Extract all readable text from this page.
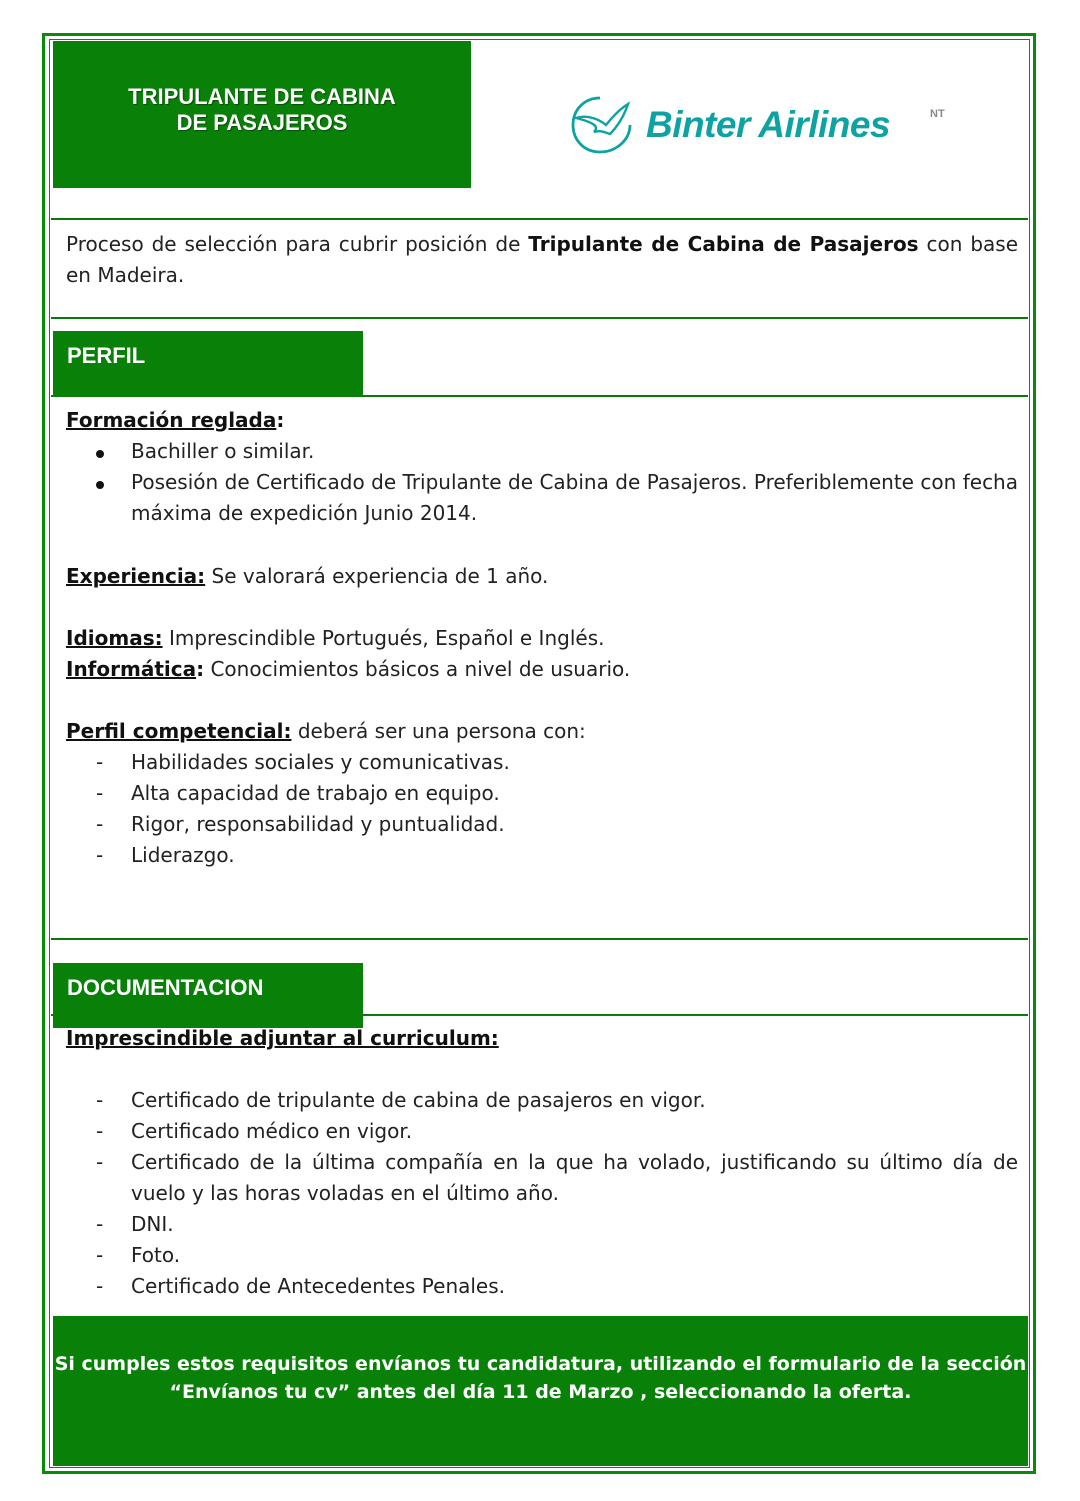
TRIPULANTE DE CABINA
DE PASAJEROS	Binter Airlines	NT
Proceso de selección para cubrir posición de Tripulante de Cabina de Pasajeros con base en Madeira.
PERFIL
Formación reglada:
Bachiller o similar.
Posesión de Certificado de Tripulante de Cabina de Pasajeros. Preferiblemente con fecha máxima de expedición Junio 2014.
Experiencia: Se valorará experiencia de 1 año.
Idiomas: Imprescindible Portugués, Español e Inglés.
Informática: Conocimientos básicos a nivel de usuario.
Perfil competencial: deberá ser una persona con:
-	Habilidades sociales y comunicativas.
-	Alta capacidad de trabajo en equipo.
-	Rigor, responsabilidad y puntualidad.
-	Liderazgo.
DOCUMENTACION
Imprescindible adjuntar al curriculum:
-	Certificado de tripulante de cabina de pasajeros en vigor.
-	Certificado médico en vigor.
-	Certificado de la última compañía en la que ha volado, justificando su último día de vuelo y las horas voladas en el último año.
-	DNI.
-	Foto.
-	Certificado de Antecedentes Penales.
Si cumples estos requisitos envíanos tu candidatura, utilizando el formulario de la sección
“Envíanos tu cv” antes del día 11 de Marzo , seleccionando la oferta.
